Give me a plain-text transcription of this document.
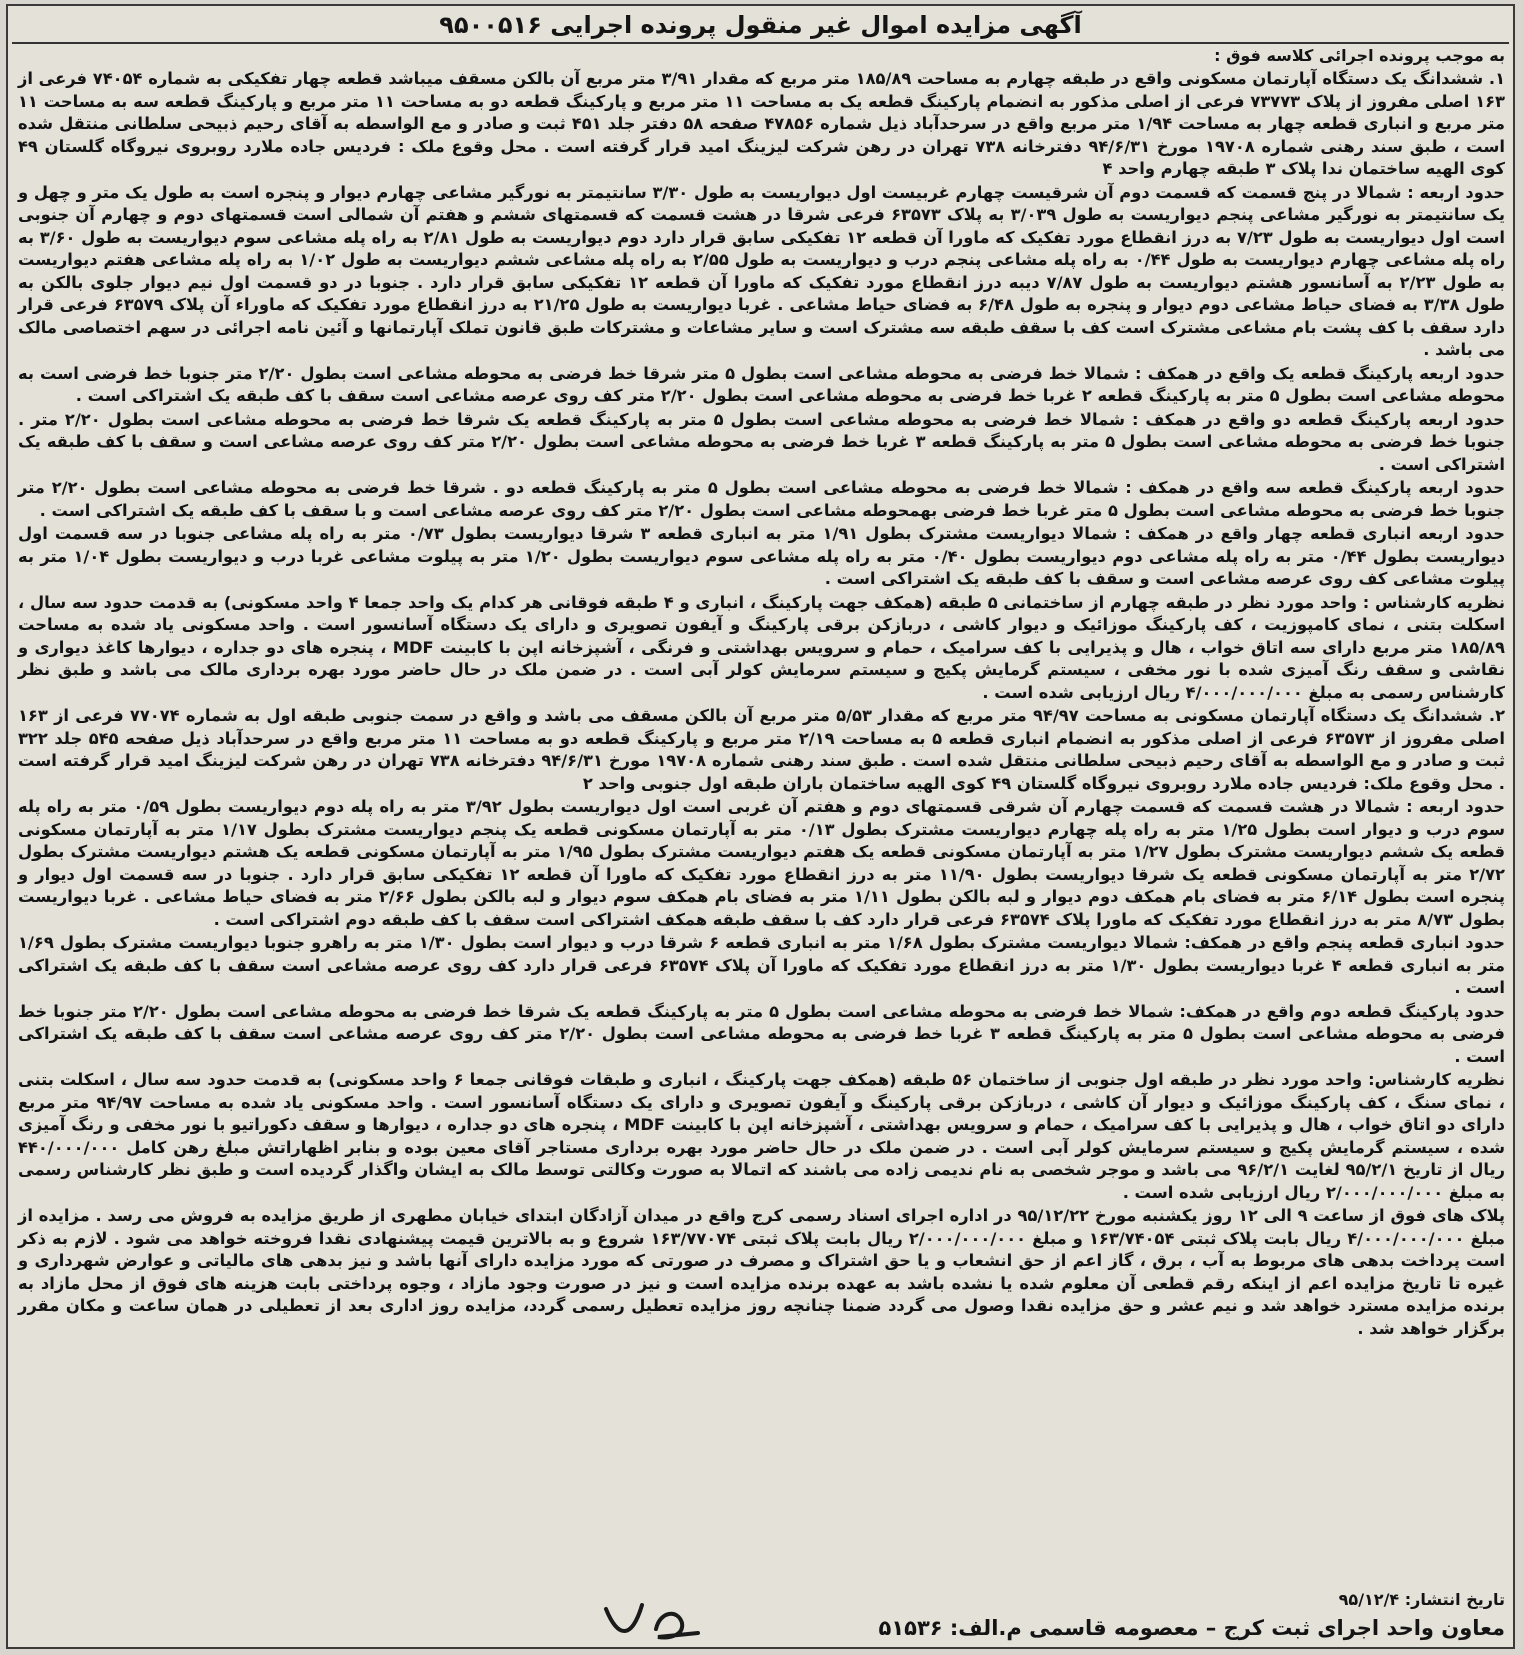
آگهی مزایده اموال غیر منقول پرونده اجرایی ۹۵۰۰۵۱۶
به موجب پرونده اجرائی کلاسه فوق :

۱. ششدانگ یک دستگاه آپارتمان مسکونی واقع در طبقه چهارم به مساحت ۱۸۵/۸۹ متر مربع که مقدار ۳/۹۱ متر مربع آن بالکن مسقف میباشد قطعه چهار تفکیکی به شماره ۷۴۰۵۴ فرعی از ۱۶۳ اصلی مفروز از پلاک ۷۳۷۷۳ فرعی از اصلی مذکور به انضمام پارکینگ قطعه یک به مساحت ۱۱ متر مربع و پارکینگ قطعه دو به مساحت ۱۱ متر مربع و پارکینگ قطعه سه به مساحت ۱۱ متر مربع و انباری قطعه چهار به مساحت ۱/۹۴ متر مربع واقع در سرحدآباد ذیل شماره ۴۷۸۵۶ صفحه ۵۸ دفتر جلد ۴۵۱ ثبت و صادر و مع الواسطه به آقای رحیم ذبیحی سلطانی منتقل شده است ، طبق سند رهنی شماره ۱۹۷۰۸ مورخ ۹۴/۶/۳۱ دفترخانه ۷۳۸ تهران در رهن شرکت لیزینگ امید قرار گرفته است . محل وقوع ملک : فردیس جاده ملارد روبروی نیروگاه گلستان ۴۹ کوی الهیه ساختمان ندا پلاک ۳ طبقه چهارم واحد ۴

حدود اربعه : شمالا در پنج قسمت که قسمت دوم آن شرقیست چهارم غربیست اول دیواریست به طول ۳/۳۰ سانتیمتر به نورگیر مشاعی چهارم دیوار و پنجره است به طول یک متر و چهل و یک سانتیمتر به نورگیر مشاعی پنجم دیواریست به طول ۳/۰۳۹ به پلاک ۶۳۵۷۳ فرعی شرقا در هشت قسمت که قسمتهای ششم و هفتم آن شمالی است قسمتهای دوم و چهارم آن جنوبی است اول دیواریست به طول ۷/۲۳ به درز انقطاع مورد تفکیک که ماورا آن قطعه ۱۲ تفکیکی سابق قرار دارد دوم دیواریست به طول ۲/۸۱ به راه پله مشاعی سوم دیواریست به طول ۳/۶۰ به راه پله مشاعی چهارم دیواریست به طول ۰/۴۴ به راه پله مشاعی پنجم درب و دیواریست به طول ۲/۵۵ به راه پله مشاعی ششم دیواریست به طول ۱/۰۲ به راه پله مشاعی هفتم دیواریست به طول ۲/۲۳ به آسانسور هشتم دیواریست به طول ۷/۸۷ دیبه درز انقطاع مورد تفکیک که ماورا آن قطعه ۱۲ تفکیکی سابق قرار دارد . جنوبا در دو قسمت اول نیم دیوار جلوی بالکن به طول ۳/۳۸ به فضای حیاط مشاعی دوم دیوار و پنجره به طول ۶/۴۸ به فضای حیاط مشاعی . غربا دیواریست به طول ۲۱/۲۵ به درز انقطاع مورد تفکیک که ماوراء آن پلاک ۶۳۵۷۹ فرعی قرار دارد سقف با کف پشت بام مشاعی مشترک است کف با سقف طبقه سه مشترک است و سایر مشاعات و مشترکات طبق قانون تملک آپارتمانها و آئین نامه اجرائی در سهم اختصاصی مالک می باشد .

حدود اربعه پارکینگ قطعه یک واقع در همکف : شمالا خط فرضی به محوطه مشاعی است بطول ۵ متر شرقا خط فرضی به محوطه مشاعی است بطول ۲/۲۰ متر جنوبا خط فرضی است به محوطه مشاعی است بطول ۵ متر به پارکینگ قطعه ۲ غربا خط فرضی به محوطه مشاعی است بطول ۲/۲۰ متر کف روی عرصه مشاعی است سقف با کف طبقه یک اشتراکی است .

حدود اربعه پارکینگ قطعه دو واقع در همکف : شمالا خط فرضی به محوطه مشاعی است بطول ۵ متر به پارکینگ قطعه یک شرقا خط فرضی به محوطه مشاعی است بطول ۲/۲۰ متر . جنوبا خط فرضی به محوطه مشاعی است بطول ۵ متر به پارکینگ قطعه ۳ غربا خط فرضی به محوطه مشاعی است بطول ۲/۲۰ متر کف روی عرصه مشاعی است و سقف با کف طبقه یک اشتراکی است .

حدود اربعه پارکینگ قطعه سه واقع در همکف : شمالا خط فرضی به محوطه مشاعی است بطول ۵ متر به پارکینگ قطعه دو . شرقا خط فرضی به محوطه مشاعی است بطول ۲/۲۰ متر جنوبا خط فرضی به محوطه مشاعی است بطول ۵ متر غربا خط فرضی بهمحوطه مشاعی است بطول ۲/۲۰ متر کف روی عرصه مشاعی است و با سقف با کف طبقه یک اشتراکی است .

حدود اربعه انباری قطعه چهار واقع در همکف : شمالا دیواریست مشترک بطول ۱/۹۱ متر به انباری قطعه ۳ شرقا دیواریست بطول ۰/۷۳ متر به راه پله مشاعی جنوبا در سه قسمت اول دیواریست بطول ۰/۴۴ متر به راه پله مشاعی دوم دیواریست بطول ۰/۴۰ متر به راه پله مشاعی سوم دیواریست بطول ۱/۲۰ متر به پیلوت مشاعی غربا درب و دیواریست بطول ۱/۰۴ متر به پیلوت مشاعی کف روی عرصه مشاعی است و سقف با کف طبقه یک اشتراکی است .

نظریه کارشناس : واحد مورد نظر در طبقه چهارم از ساختمانی ۵ طبقه (همکف جهت پارکینگ ، انباری و ۴ طبقه فوقانی هر کدام یک واحد جمعا ۴ واحد مسکونی) به قدمت حدود سه سال ، اسکلت بتنی ، نمای کامپوزیت ، کف پارکینگ موزائیک و دیوار کاشی ، دربازکن برقی پارکینگ و آیفون تصویری و دارای یک دستگاه آسانسور است . واحد مسکونی یاد شده به مساحت ۱۸۵/۸۹ متر مربع دارای سه اتاق خواب ، هال و پذیرایی با کف سرامیک ، حمام و سرویس بهداشتی و فرنگی ، آشپزخانه اپن با کابینت MDF ، پنجره های دو جداره ، دیوارها کاغذ دیواری و نقاشی و سقف رنگ آمیزی شده با نور مخفی ، سیستم گرمایش پکیج و سیستم سرمایش کولر آبی است . در ضمن ملک در حال حاضر مورد بهره برداری مالک می باشد و طبق نظر کارشناس رسمی به مبلغ ۴/۰۰۰/۰۰۰/۰۰۰ ریال ارزیابی شده است .

۲. ششدانگ یک دستگاه آپارتمان مسکونی به مساحت ۹۴/۹۷ متر مربع که مقدار ۵/۵۳ متر مربع آن بالکن مسقف می باشد و واقع در سمت جنوبی طبقه اول به شماره ۷۷۰۷۴ فرعی از ۱۶۳ اصلی مفروز از ۶۳۵۷۳ فرعی از اصلی مذکور به انضمام انباری قطعه ۵ به مساحت ۲/۱۹ متر مربع و پارکینگ قطعه دو به مساحت ۱۱ متر مربع واقع در سرحدآباد ذیل صفحه ۵۴۵ جلد ۳۲۲ ثبت و صادر و مع الواسطه به آقای رحیم ذبیحی سلطانی منتقل شده است . طبق سند رهنی شماره ۱۹۷۰۸ مورخ ۹۴/۶/۳۱ دفترخانه ۷۳۸ تهران در رهن شرکت لیزینگ امید قرار گرفته است . محل وقوع ملک: فردیس جاده ملارد روبروی نیروگاه گلستان ۴۹ کوی الهیه ساختمان باران طبقه اول جنوبی واحد ۲

حدود اربعه : شمالا در هشت قسمت که قسمت چهارم آن شرقی قسمتهای دوم و هفتم آن غربی است اول دیواریست بطول ۳/۹۲ متر به راه پله دوم دیواریست بطول ۰/۵۹ متر به راه پله سوم درب و دیوار است بطول ۱/۲۵ متر به راه پله چهارم دیواریست مشترک بطول ۰/۱۳ متر به آپارتمان مسکونی قطعه یک پنجم دیواریست مشترک بطول ۱/۱۷ متر به آپارتمان مسکونی قطعه یک ششم دیواریست مشترک بطول ۱/۲۷ متر به آپارتمان مسکونی قطعه یک هفتم دیواریست مشترک بطول ۱/۹۵ متر به آپارتمان مسکونی قطعه یک هشتم دیواریست مشترک بطول ۲/۷۲ متر به آپارتمان مسکونی قطعه یک شرقا دیواریست بطول ۱۱/۹۰ متر به درز انقطاع مورد تفکیک که ماورا آن قطعه ۱۲ تفکیکی سابق قرار دارد . جنوبا در سه قسمت اول دیوار و پنجره است بطول ۶/۱۴ متر به فضای بام همکف دوم دیوار و لبه بالکن بطول ۱/۱۱ متر به فضای بام همکف سوم دیوار و لبه بالکن بطول ۲/۶۶ متر به فضای حیاط مشاعی . غربا دیواریست بطول ۸/۷۳ متر به درز انقطاع مورد تفکیک که ماورا پلاک ۶۳۵۷۴ فرعی قرار دارد کف با سقف طبقه همکف اشتراکی است سقف با کف طبقه دوم اشتراکی است .

حدود انباری قطعه پنجم واقع در همکف: شمالا دیواریست مشترک بطول ۱/۶۸ متر به انباری قطعه ۶ شرقا درب و دیوار است بطول ۱/۳۰ متر به راهرو جنوبا دیواریست مشترک بطول ۱/۶۹ متر به انباری قطعه ۴ غربا دیواریست بطول ۱/۳۰ متر به درز انقطاع مورد تفکیک که ماورا آن پلاک ۶۳۵۷۴ فرعی قرار دارد کف روی عرصه مشاعی است سقف با کف طبقه یک اشتراکی است .

حدود پارکینگ قطعه دوم واقع در همکف: شمالا خط فرضی به محوطه مشاعی است بطول ۵ متر به پارکینگ قطعه یک شرقا خط فرضی به محوطه مشاعی است بطول ۲/۲۰ متر جنوبا خط فرضی به محوطه مشاعی است بطول ۵ متر به پارکینگ قطعه ۳ غربا خط فرضی به محوطه مشاعی است بطول ۲/۲۰ متر کف روی عرصه مشاعی است سقف با کف طبقه یک اشتراکی است .

نظریه کارشناس: واحد مورد نظر در طبقه اول جنوبی از ساختمان ۵۶ طبقه (همکف جهت پارکینگ ، انباری و طبقات فوقانی جمعا ۶ واحد مسکونی) به قدمت حدود سه سال ، اسکلت بتنی ، نمای سنگ ، کف پارکینگ موزائیک و دیوار آن کاشی ، دربازکن برقی پارکینگ و آیفون تصویری و دارای یک دستگاه آسانسور است . واحد مسکونی یاد شده به مساحت ۹۴/۹۷ متر مربع دارای دو اتاق خواب ، هال و پذیرایی با کف سرامیک ، حمام و سرویس بهداشتی ، آشپزخانه اپن با کابینت MDF ، پنجره های دو جداره ، دیوارها و سقف دکوراتیو با نور مخفی و رنگ آمیزی شده ، سیستم گرمایش پکیج و سیستم سرمایش کولر آبی است . در ضمن ملک در حال حاضر مورد بهره برداری مستاجر آقای معین بوده و بنابر اظهاراتش مبلغ رهن کامل ۴۴۰/۰۰۰/۰۰۰ ریال از تاریخ ۹۵/۲/۱ لغایت ۹۶/۲/۱ می باشد و موجر شخصی به نام ندیمی زاده می باشند که اتمالا به صورت وکالتی توسط مالک به ایشان واگذار گردیده است و طبق نظر کارشناس رسمی به مبلغ ۲/۰۰۰/۰۰۰/۰۰۰ ریال ارزیابی شده است .

پلاک های فوق از ساعت ۹ الی ۱۲ روز یکشنبه مورخ ۹۵/۱۲/۲۲ در اداره اجرای اسناد رسمی کرج واقع در میدان آزادگان ابتدای خیابان مطهری از طریق مزایده به فروش می رسد . مزایده از مبلغ ۴/۰۰۰/۰۰۰/۰۰۰ ریال بابت پلاک ثبتی ۱۶۳/۷۴۰۵۴ و مبلغ ۲/۰۰۰/۰۰۰/۰۰۰ ریال بابت پلاک ثبتی ۱۶۳/۷۷۰۷۴ شروع و به بالاترین قیمت پیشنهادی نقدا فروخته خواهد می شود . لازم به ذکر است پرداخت بدهی های مربوط به آب ، برق ، گاز اعم از حق انشعاب و یا حق اشتراک و مصرف در صورتی که مورد مزایده دارای آنها باشد و نیز بدهی های مالیاتی و عوارض شهرداری و غیره تا تاریخ مزایده اعم از اینکه رقم قطعی آن معلوم شده یا نشده باشد به عهده برنده مزایده است و نیز در صورت وجود مازاد ، وجوه پرداختی بابت هزینه های فوق از محل مازاد به برنده مزایده مسترد خواهد شد و نیم عشر و حق مزایده نقدا وصول می گردد ضمنا چنانچه روز مزایده تعطیل رسمی گردد، مزایده روز اداری بعد از تعطیلی در همان ساعت و مکان مقرر برگزار خواهد شد .

تاریخ انتشار: ۹۵/۱۲/۴
معاون واحد اجرای ثبت کرج – معصومه قاسمی م.الف: ۵۱۵۳۶
